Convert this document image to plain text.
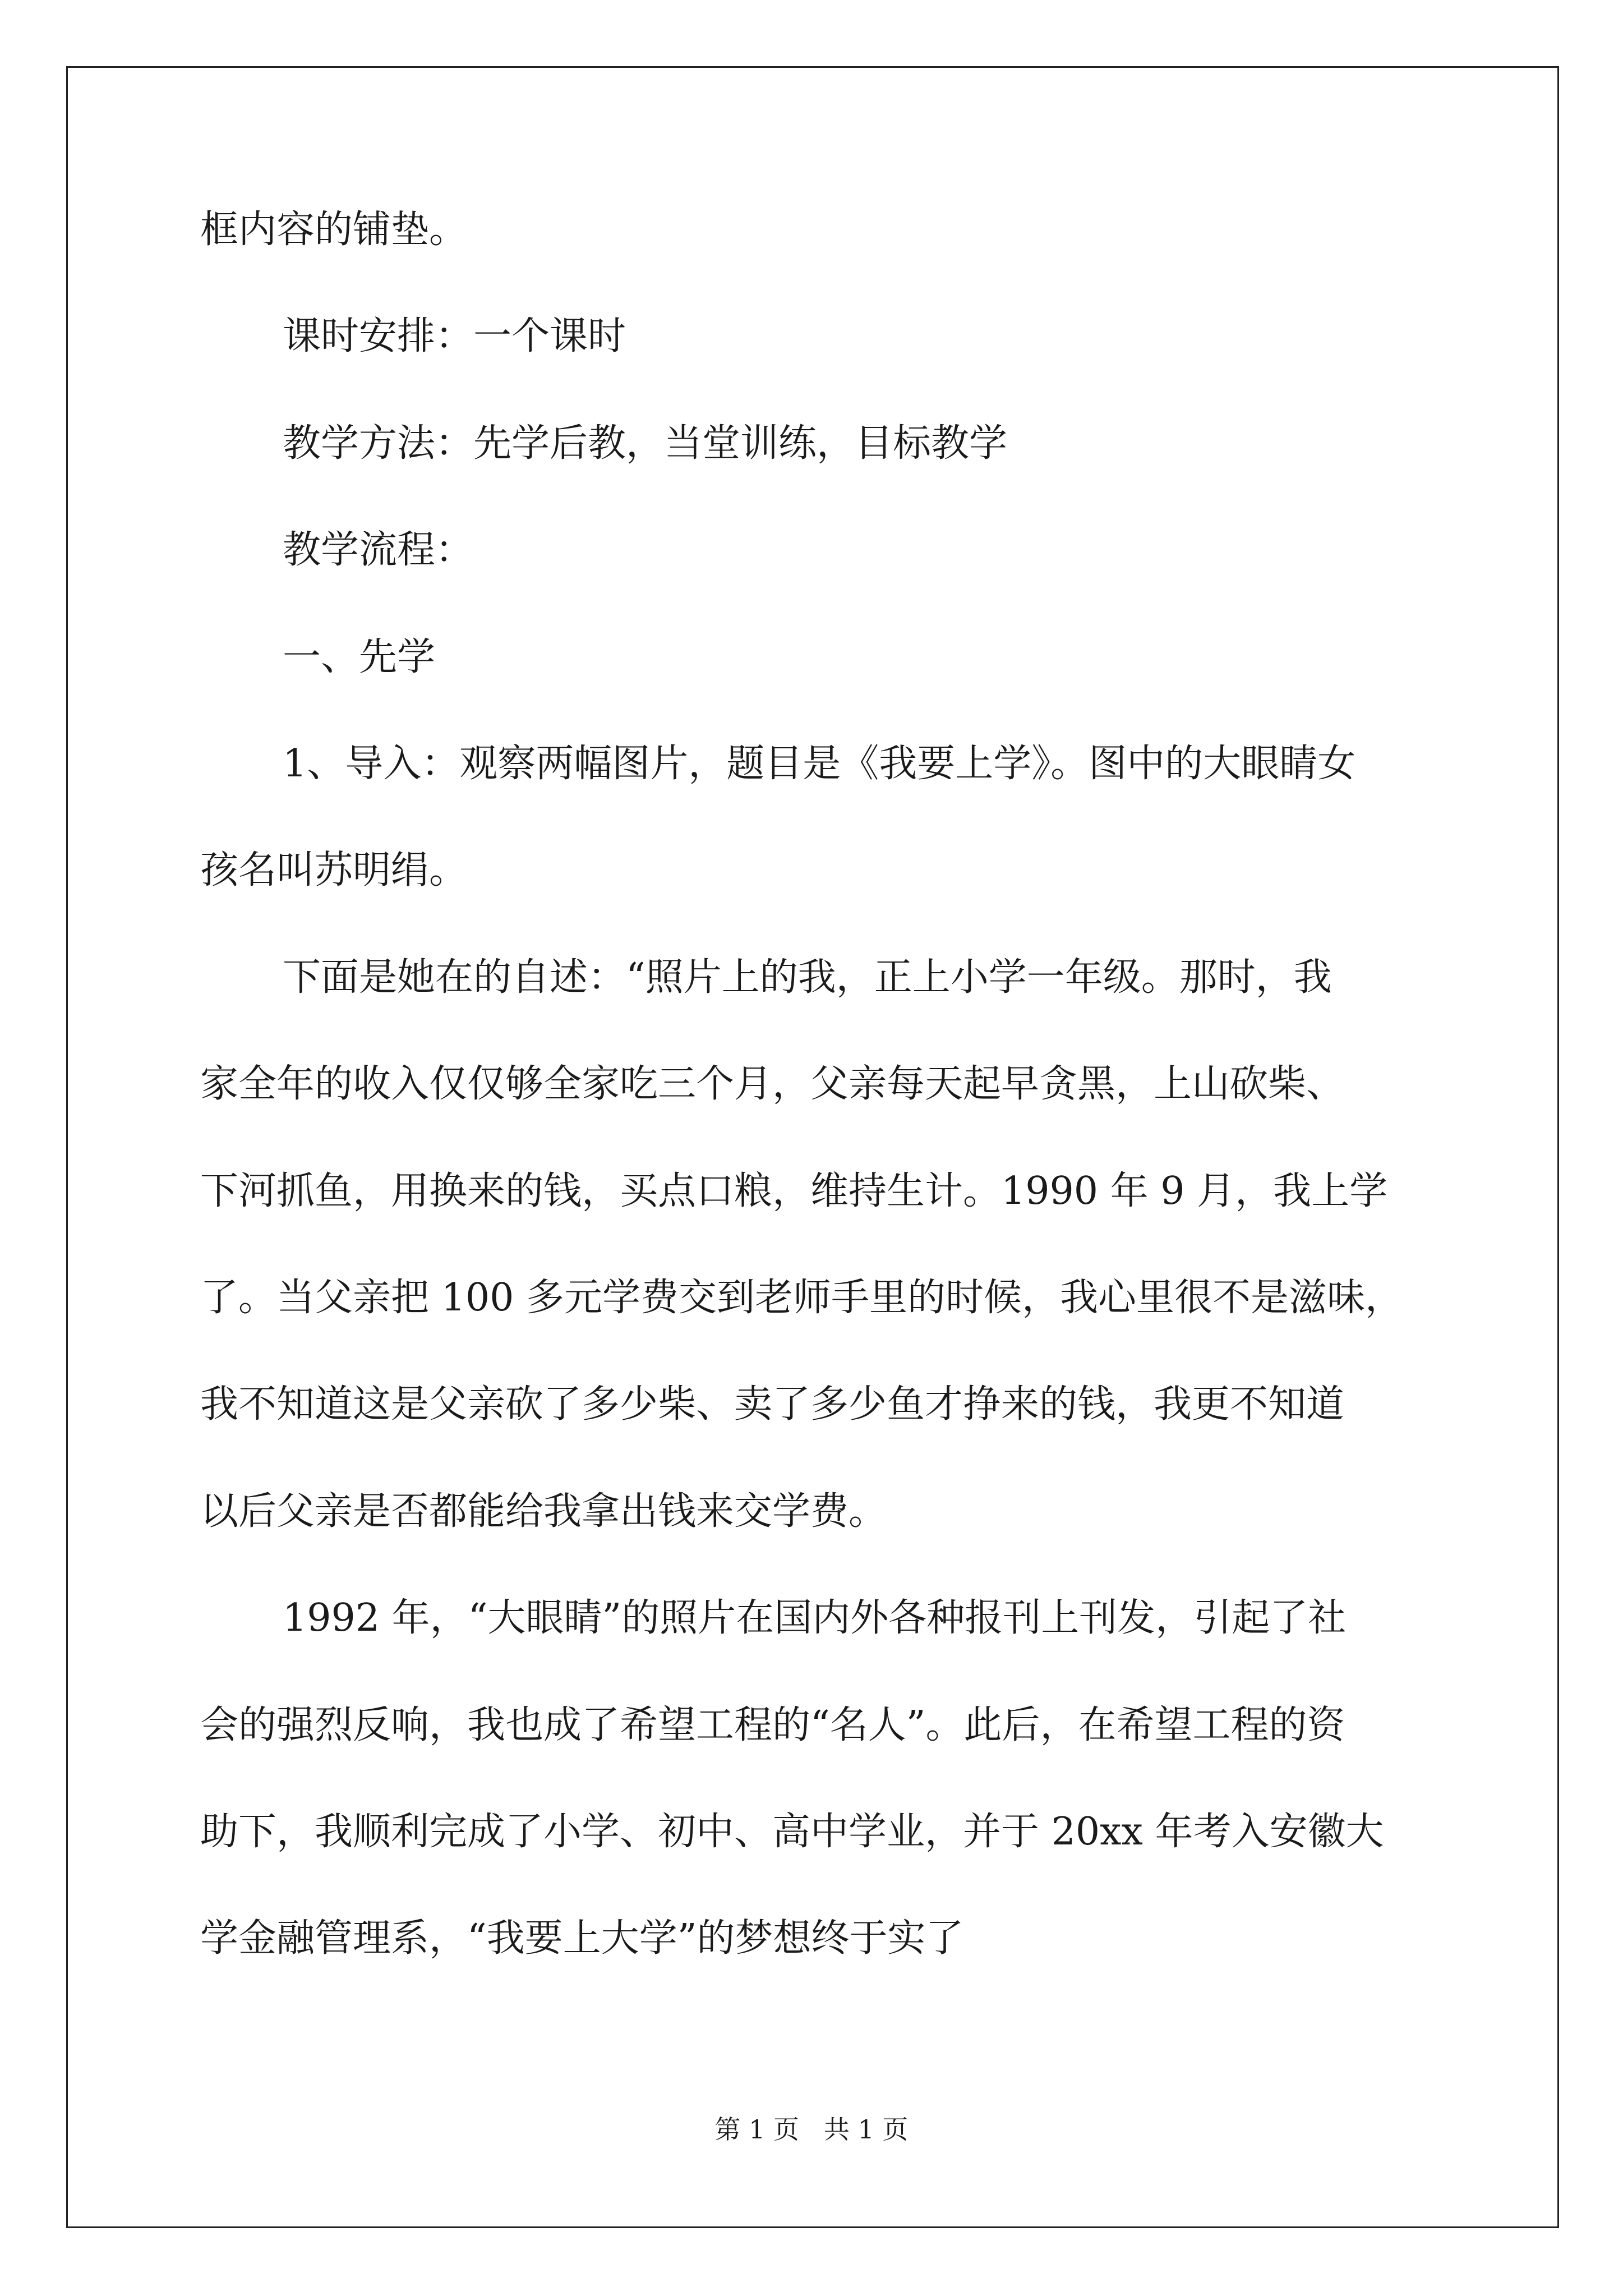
框内容的铺垫。
课时安排：一个课时
教学方法：先学后教，当堂训练，目标教学
教学流程：
一、先学
1、导入：观察两幅图片，题目是《我要上学》。图中的大眼睛女
孩名叫苏明绢。
下面是她在的自述：“照片上的我，正上小学一年级。那时，我
家全年的收入仅仅够全家吃三个月，父亲每天起早贪黑，上山砍柴、
下河抓鱼，用换来的钱，买点口粮，维持生计。1990 年 9 月，我上学
了。当父亲把 100 多元学费交到老师手里的时候，我心里很不是滋味，
我不知道这是父亲砍了多少柴、卖了多少鱼才挣来的钱，我更不知道
以后父亲是否都能给我拿出钱来交学费。
1992 年，“大眼睛”的照片在国内外各种报刊上刊发，引起了社
会的强烈反响，我也成了希望工程的“名人”。此后，在希望工程的资
助下，我顺利完成了小学、初中、高中学业，并于 20xx 年考入安徽大
学金融管理系，“我要上大学”的梦想终于实了
第 1 页   共 1 页
